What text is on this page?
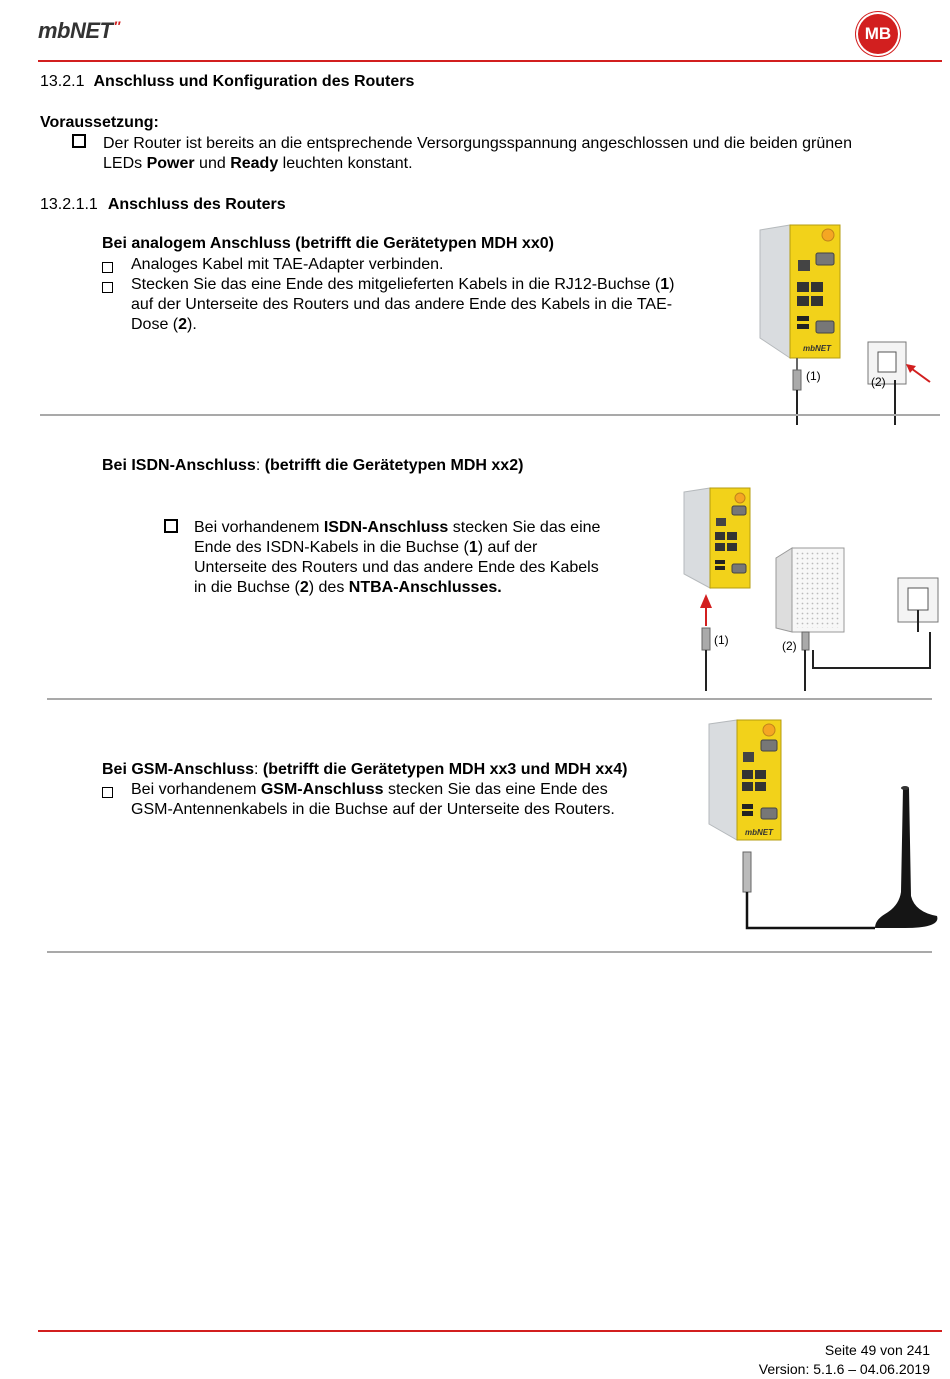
mbNET″	MB
13.2.1 Anschluss und Konfiguration des Routers
Voraussetzung:
Der Router ist bereits an die entsprechende Versorgungsspannung angeschlossen und die beiden grünen
LEDs Power und Ready leuchten konstant.
13.2.1.1 Anschluss des Routers
Bei analogem Anschluss (betrifft die Gerätetypen MDH xx0)
Analoges Kabel mit TAE-Adapter verbinden.
Stecken Sie das eine Ende des mitgelieferten Kabels in die RJ12-Buchse (1)
auf der Unterseite des Routers und das andere Ende des Kabels in die TAE-
Dose (2).
mbNET
(1)	(2)
Bei ISDN-Anschluss: (betrifft die Gerätetypen MDH xx2)
Bei vorhandenem ISDN-Anschluss stecken Sie das eine
Ende des ISDN-Kabels in die Buchse (1) auf der
Unterseite des Routers und das andere Ende des Kabels
in die Buchse (2) des NTBA-Anschlusses.
(1)	(2)
Bei GSM-Anschluss: (betrifft die Gerätetypen MDH xx3 und MDH xx4)
Bei vorhandenem GSM-Anschluss stecken Sie das eine Ende des
GSM-Antennenkabels in die Buchse auf der Unterseite des Routers.
mbNET
Seite 49 von 241
Version: 5.1.6 – 04.06.2019
